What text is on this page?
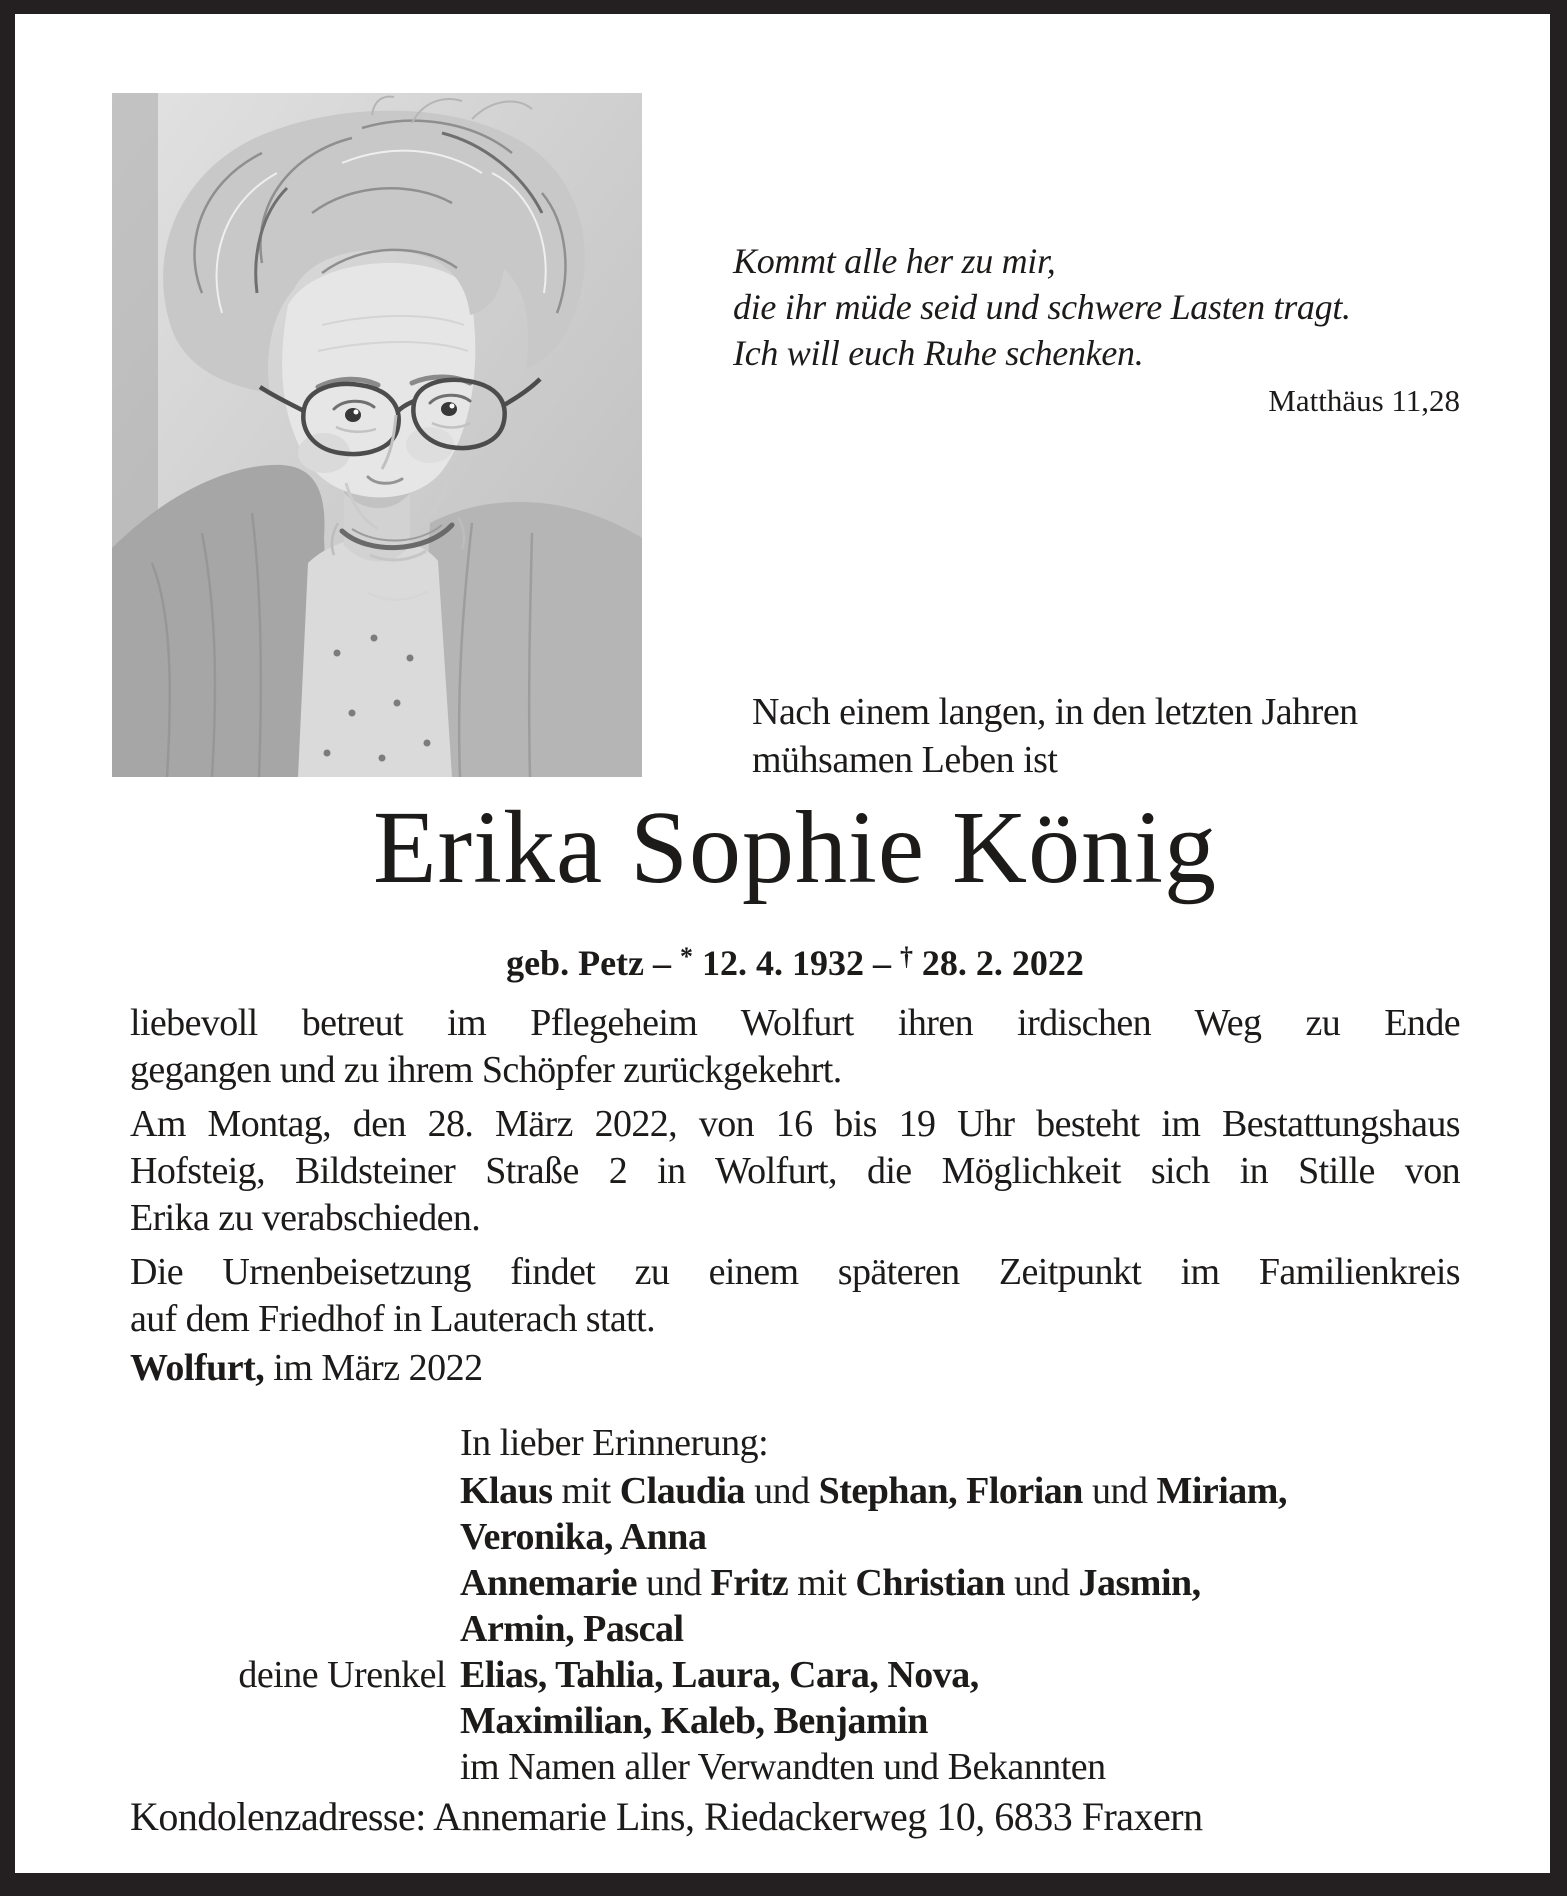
Kommt alle her zu mir,
die ihr müde seid und schwere Lasten tragt.
Ich will euch Ruhe schenken.
Matthäus 11,28
Nach einem langen, in den letzten Jahren
mühsamen Leben ist
Erika Sophie König
geb. Petz – * 12. 4. 1932 – † 28. 2. 2022
liebevoll betreut im Pflegeheim Wolfurt ihren irdischen Weg zu Ende
gegangen und zu ihrem Schöpfer zurückgekehrt.
Am Montag, den 28. März 2022, von 16 bis 19 Uhr besteht im Bestattungshaus
Hofsteig, Bildsteiner Straße 2 in Wolfurt, die Möglichkeit sich in Stille von
Erika zu verabschieden.
Die Urnenbeisetzung findet zu einem späteren Zeitpunkt im Familienkreis
auf dem Friedhof in Lauterach statt.
Wolfurt, im März 2022
In lieber Erinnerung:
Klaus mit Claudia und Stephan, Florian und Miriam,
Veronika, Anna
Annemarie und Fritz mit Christian und Jasmin,
Armin, Pascal
deine Urenkel Elias, Tahlia, Laura, Cara, Nova,
Maximilian, Kaleb, Benjamin
im Namen aller Verwandten und Bekannten
Kondolenzadresse: Annemarie Lins, Riedackerweg 10, 6833 Fraxern
